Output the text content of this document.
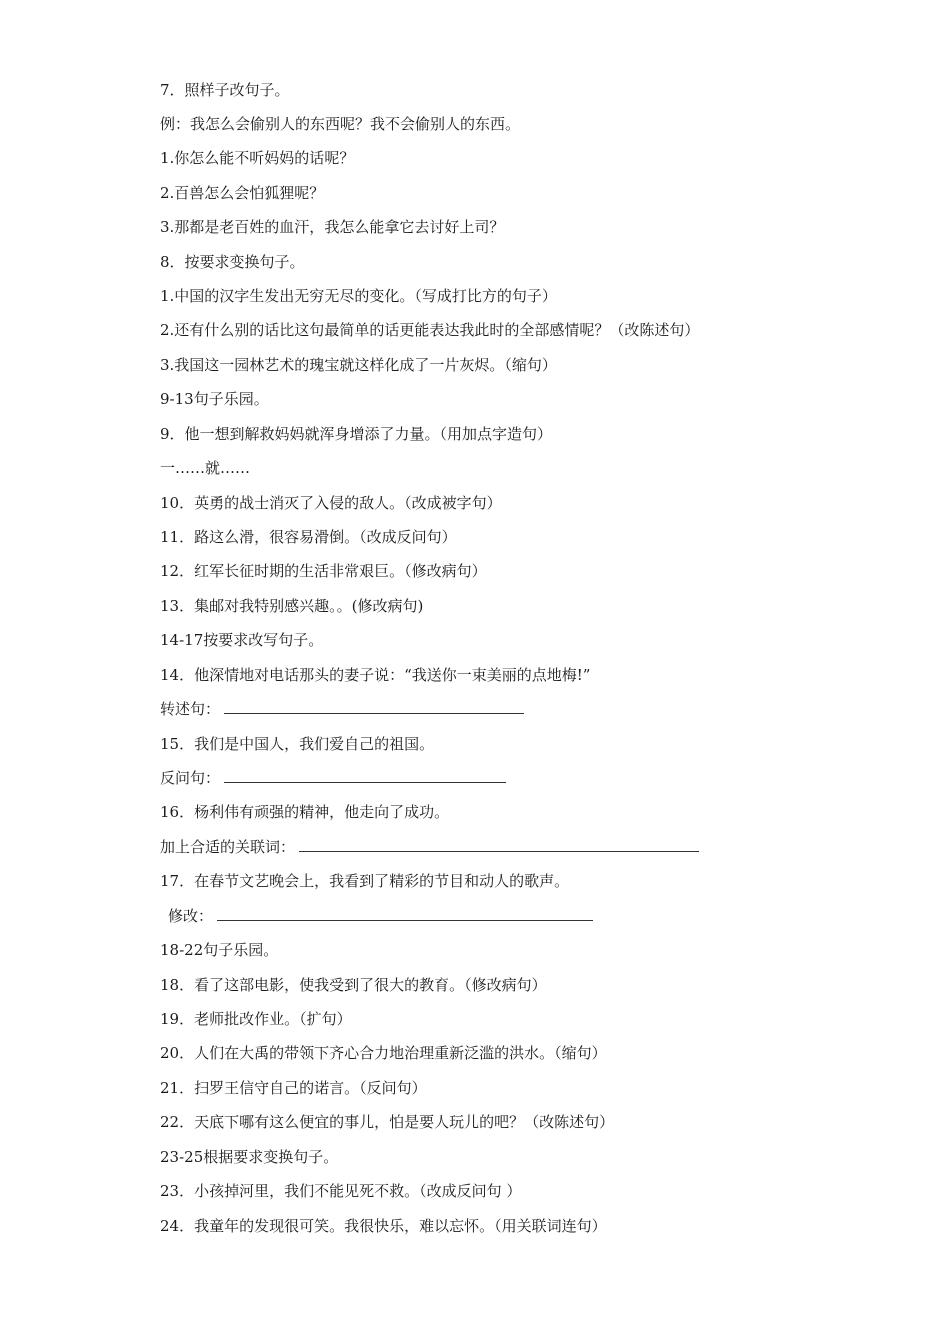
7．照样子改句子。
例：我怎么会偷别人的东西呢？我不会偷别人的东西。
1.你怎么能不听妈妈的话呢？
2.百兽怎么会怕狐狸呢？
3.那都是老百姓的血汗，我怎么能拿它去讨好上司？
8．按要求变换句子。
1.中国的汉字生发出无穷无尽的变化。（写成打比方的句子）
2.还有什么别的话比这句最简单的话更能表达我此时的全部感情呢？（改陈述句）
3.我国这一园林艺术的瑰宝就这样化成了一片灰烬。（缩句）
9-13句子乐园。
9．他一想到解救妈妈就浑身增添了力量。（用加点字造句）
一……就……
10．英勇的战士消灭了入侵的敌人。（改成被字句）
11．路这么滑，很容易滑倒。（改成反问句）
12．红军长征时期的生活非常艰巨。（修改病句）
13．集邮对我特别感兴趣。。(修改病句)
14-17按要求改写句子。
14．他深情地对电话那头的妻子说：“我送你一束美丽的点地梅!”
转述句：
15．我们是中国人，我们爱自己的祖国。
反问句：
16．杨利伟有顽强的精神，他走向了成功。
加上合适的关联词：
17．在春节文艺晚会上，我看到了精彩的节目和动人的歌声。
修改：
18-22句子乐园。
18．看了这部电影，使我受到了很大的教育。（修改病句）
19．老师批改作业。（扩句）
20．人们在大禹的带领下齐心合力地治理重新泛滥的洪水。（缩句）
21．扫罗王信守自己的诺言。（反问句）
22．天底下哪有这么便宜的事儿，怕是要人玩儿的吧？（改陈述句）
23-25根据要求变换句子。
23．小孩掉河里，我们不能见死不救。（改成反问句 ）
24．我童年的发现很可笑。我很快乐，难以忘怀。（用关联词连句）
